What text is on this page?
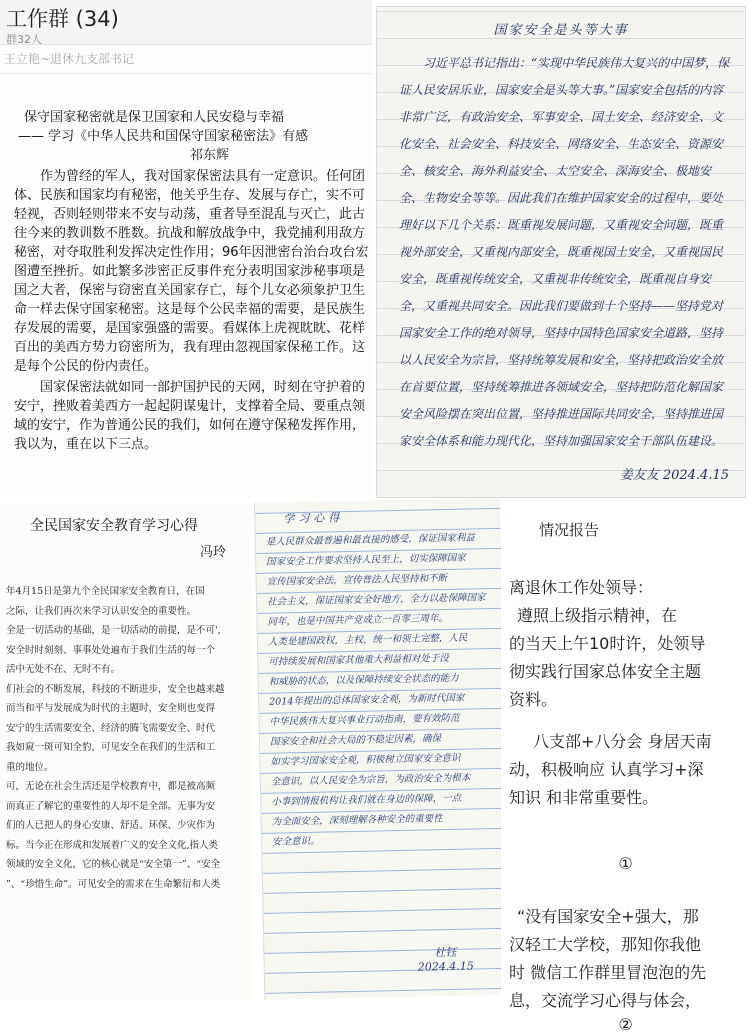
工作群 (34)
群32人
王立艳~退休九支部书记
保守国家秘密就是保卫国家和人民安稳与幸福
—— 学习《中华人民共和国保守国家秘密法》有感
祁东辉
作为曾经的军人，我对国家保密法具有一定意识。任何团体、民族和国家均有秘密，他关乎生存、发展与存亡，实不可轻视，否则轻则带来不安与动荡，重者导至混乱与灭亡，此古往今来的教训数不胜数。抗战和解放战争中，我党捕利用敌方秘密，对夺取胜利发挥决定性作用；96年因泄密台治台攻台宏图遭至挫折。如此繁多涉密正反事件充分表明国家涉秘事项是国之大者，保密与窃密直关国家存亡，每个儿女必须象护卫生命一样去保守国家秘密。这是每个公民幸福的需要，是民族生存发展的需要，是国家强盛的需要。看媒体上虎视眈眈、花样百出的美西方势力窃密所为，我有理由忽视国家保秘工作。这是每个公民的份内责任。
国家保密法就如同一部护国护民的天网，时刻在守护着的安宁，挫败着美西方一起起阴谋鬼计，支撑着全局、要重点领域的安宁，作为普通公民的我们，如何在遵守保秘发挥作用，我以为，重在以下三点。
国家安全是头等大事
习近平总书记指出：“实现中华民族伟大复兴的中国梦，保证人民安居乐业，国家安全是头等大事。”国家安全包括的内容非常广泛，有政治安全、军事安全、国土安全、经济安全、文化安全、社会安全、科技安全、网络安全、生态安全、资源安全、核安全、海外利益安全、太空安全、深海安全、极地安全、生物安全等等。因此我们在维护国家安全的过程中，要处理好以下几个关系：既重视发展问题，又重视安全问题，既重视外部安全，又重视内部安全，既重视国土安全，又重视国民安全，既重视传统安全，又重视非传统安全，既重视自身安全，又重视共同安全。因此我们要做到十个坚持——坚持党对国家安全工作的绝对领导，坚持中国特色国家安全道路，坚持以人民安全为宗旨，坚持统筹发展和安全，坚持把政治安全放在首要位置，坚持统筹推进各领域安全，坚持把防范化解国家安全风险摆在突出位置，坚持推进国际共同安全，坚持推进国家安全体系和能力现代化，坚持加强国家安全干部队伍建设。
姜友友 2024.4.15
全民国家安全教育学习心得
冯玲
年4月15日是第九个全民国家安全教育日，在国
之际，让我们再次来学习认识安全的重要性。
全是一切活动的基础，是一切活动的前提，是不可',
安全时时刻刻、事事处处遍布于我们生活的每一个
活中无处不在、无时不有。
们社会的不断发展，科技的不断进步，安全也越来越
而当和平与发展成为时代的主题时，安全则也变得
安宁的生活需要安全、经济的腾飞需要安全、时代
我如窥一斑可知全豹，可见安全在我们的生活和工
重的地位。
可，无论在社会生活还是学校教育中，都是被高频
而真正了解它的重要性的人却不是全部。无事为安
们的人已把人的身心安康、舒适、环保、少灾作为
标。当今正在形成和发展着广义的安全文化,指人类
领域的安全文化，它的核心就是“安全第一”、“安全
”、“珍惜生命”。可见安全的需求在生命繁衍和人类
学习心得
是人民群众最普遍和最直接的感受，保证国家利益
国家安全工作要求坚持人民至上，切实保障国家
宣传国家安全法，宣传普法人民坚持和不断
社会主义，保证国家安全好地方，全力以赴保障国家
同年，也是中国共产党成立一百零三周年。
人类是建国政权，主权，统一和领土完整，人民
可持续发展和国家其他重大利益相对处于没
和威胁的状态，以及保障持续安全状态的能力
2014年提出的总体国家安全观，为新时代国家
中华民族伟大复兴事业行动指南，要有效防范
国家安全和社会大局的不稳定因素，确保
如实学习国家安全观，积极树立国家安全意识
全意识，以人民安全为宗旨，为政治安全为根本
小事到情报机构让我们就在身边的保障，一点
为全面安全，深刻理解各种安全的重要性
安全意识。
杜钰
2024.4.15
情况报告
离退休工作处领导：
遵照上级指示精神，在
的当天上午10时许，处领导
彻实践行国家总体安全主题
资料。
八支部+八分会 身居天南
动，积极响应 认真学习+深
知识 和非常重要性。
①
“没有国家安全+强大，那
汉轻工大学校，那知你我他
时 微信工作群里冒泡泡的先
息，交流学习心得与体会，
②
